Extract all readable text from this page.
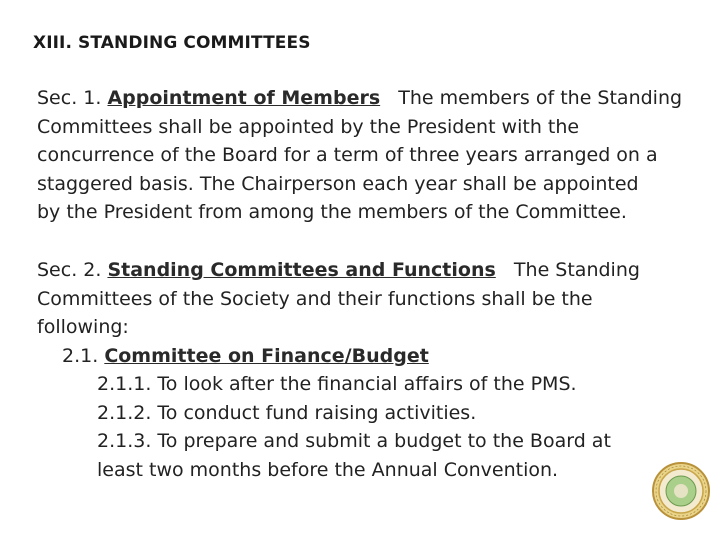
XIII. STANDING COMMITTEES
Sec. 1. Appointment of Members The members of the Standing
Committees shall be appointed by the President with the
concurrence of the Board for a term of three years arranged on a
staggered basis. The Chairperson each year shall be appointed
by the President from among the members of the Committee.
Sec. 2. Standing Committees and Functions The Standing
Committees of the Society and their functions shall be the
following:
2.1. Committee on Finance/Budget
2.1.1. To look after the financial affairs of the PMS.
2.1.2. To conduct fund raising activities.
2.1.3. To prepare and submit a budget to the Board at
least two months before the Annual Convention.
